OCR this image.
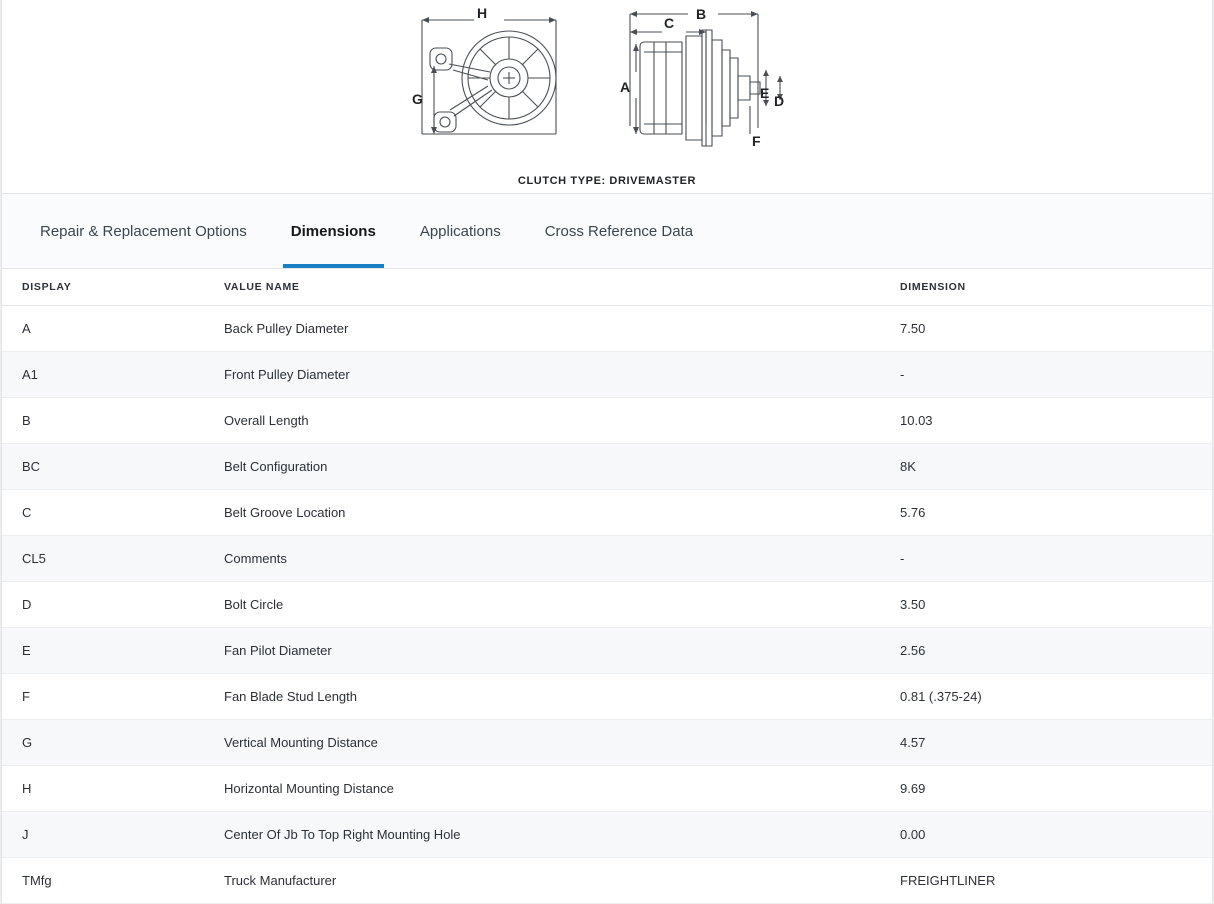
H
G
C
B
A	E D
F
CLUTCH TYPE: DRIVEMASTER
Repair & Replacement Options	Dimensions	Applications	Cross Reference Data
DISPLAY	VALUE NAME	DIMENSION
A	Back Pulley Diameter	7.50
A1	Front Pulley Diameter	-
B	Overall Length	10.03
BC	Belt Configuration	8K
C	Belt Groove Location	5.76
CL5	Comments	-
D	Bolt Circle	3.50
E	Fan Pilot Diameter	2.56
F	Fan Blade Stud Length	0.81 (.375-24)
G	Vertical Mounting Distance	4.57
H	Horizontal Mounting Distance	9.69
J	Center Of Jb To Top Right Mounting Hole	0.00
TMfg	Truck Manufacturer	FREIGHTLINER
